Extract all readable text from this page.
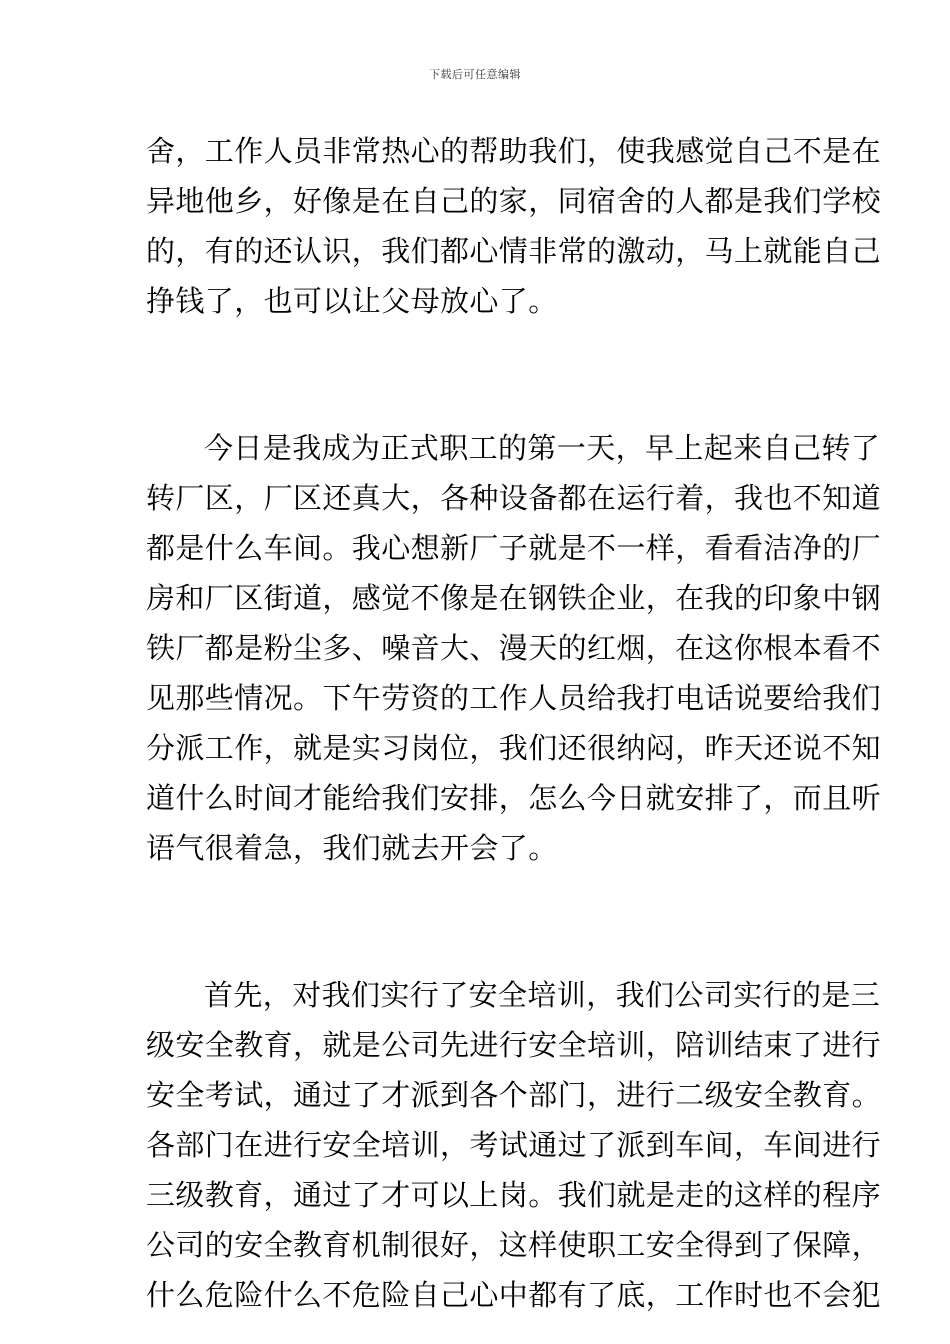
下载后可任意编辑
舍，工作人员非常热心的帮助我们，使我感觉自己不是在
异地他乡，好像是在自己的家，同宿舍的人都是我们学校
的，有的还认识，我们都心情非常的激动，马上就能自己
挣钱了，也可以让父母放心了。
今日是我成为正式职工的第一天，早上起来自己转了
转厂区，厂区还真大，各种设备都在运行着，我也不知道
都是什么车间。我心想新厂子就是不一样，看看洁净的厂
房和厂区街道，感觉不像是在钢铁企业，在我的印象中钢
铁厂都是粉尘多、噪音大、漫天的红烟，在这你根本看不
见那些情况。下午劳资的工作人员给我打电话说要给我们
分派工作，就是实习岗位，我们还很纳闷，昨天还说不知
道什么时间才能给我们安排，怎么今日就安排了，而且听
语气很着急，我们就去开会了。
首先，对我们实行了安全培训，我们公司实行的是三
级安全教育，就是公司先进行安全培训，陪训结束了进行
安全考试，通过了才派到各个部门，进行二级安全教育。
各部门在进行安全培训，考试通过了派到车间，车间进行
三级教育，通过了才可以上岗。我们就是走的这样的程序
公司的安全教育机制很好，这样使职工安全得到了保障，
什么危险什么不危险自己心中都有了底，工作时也不会犯
